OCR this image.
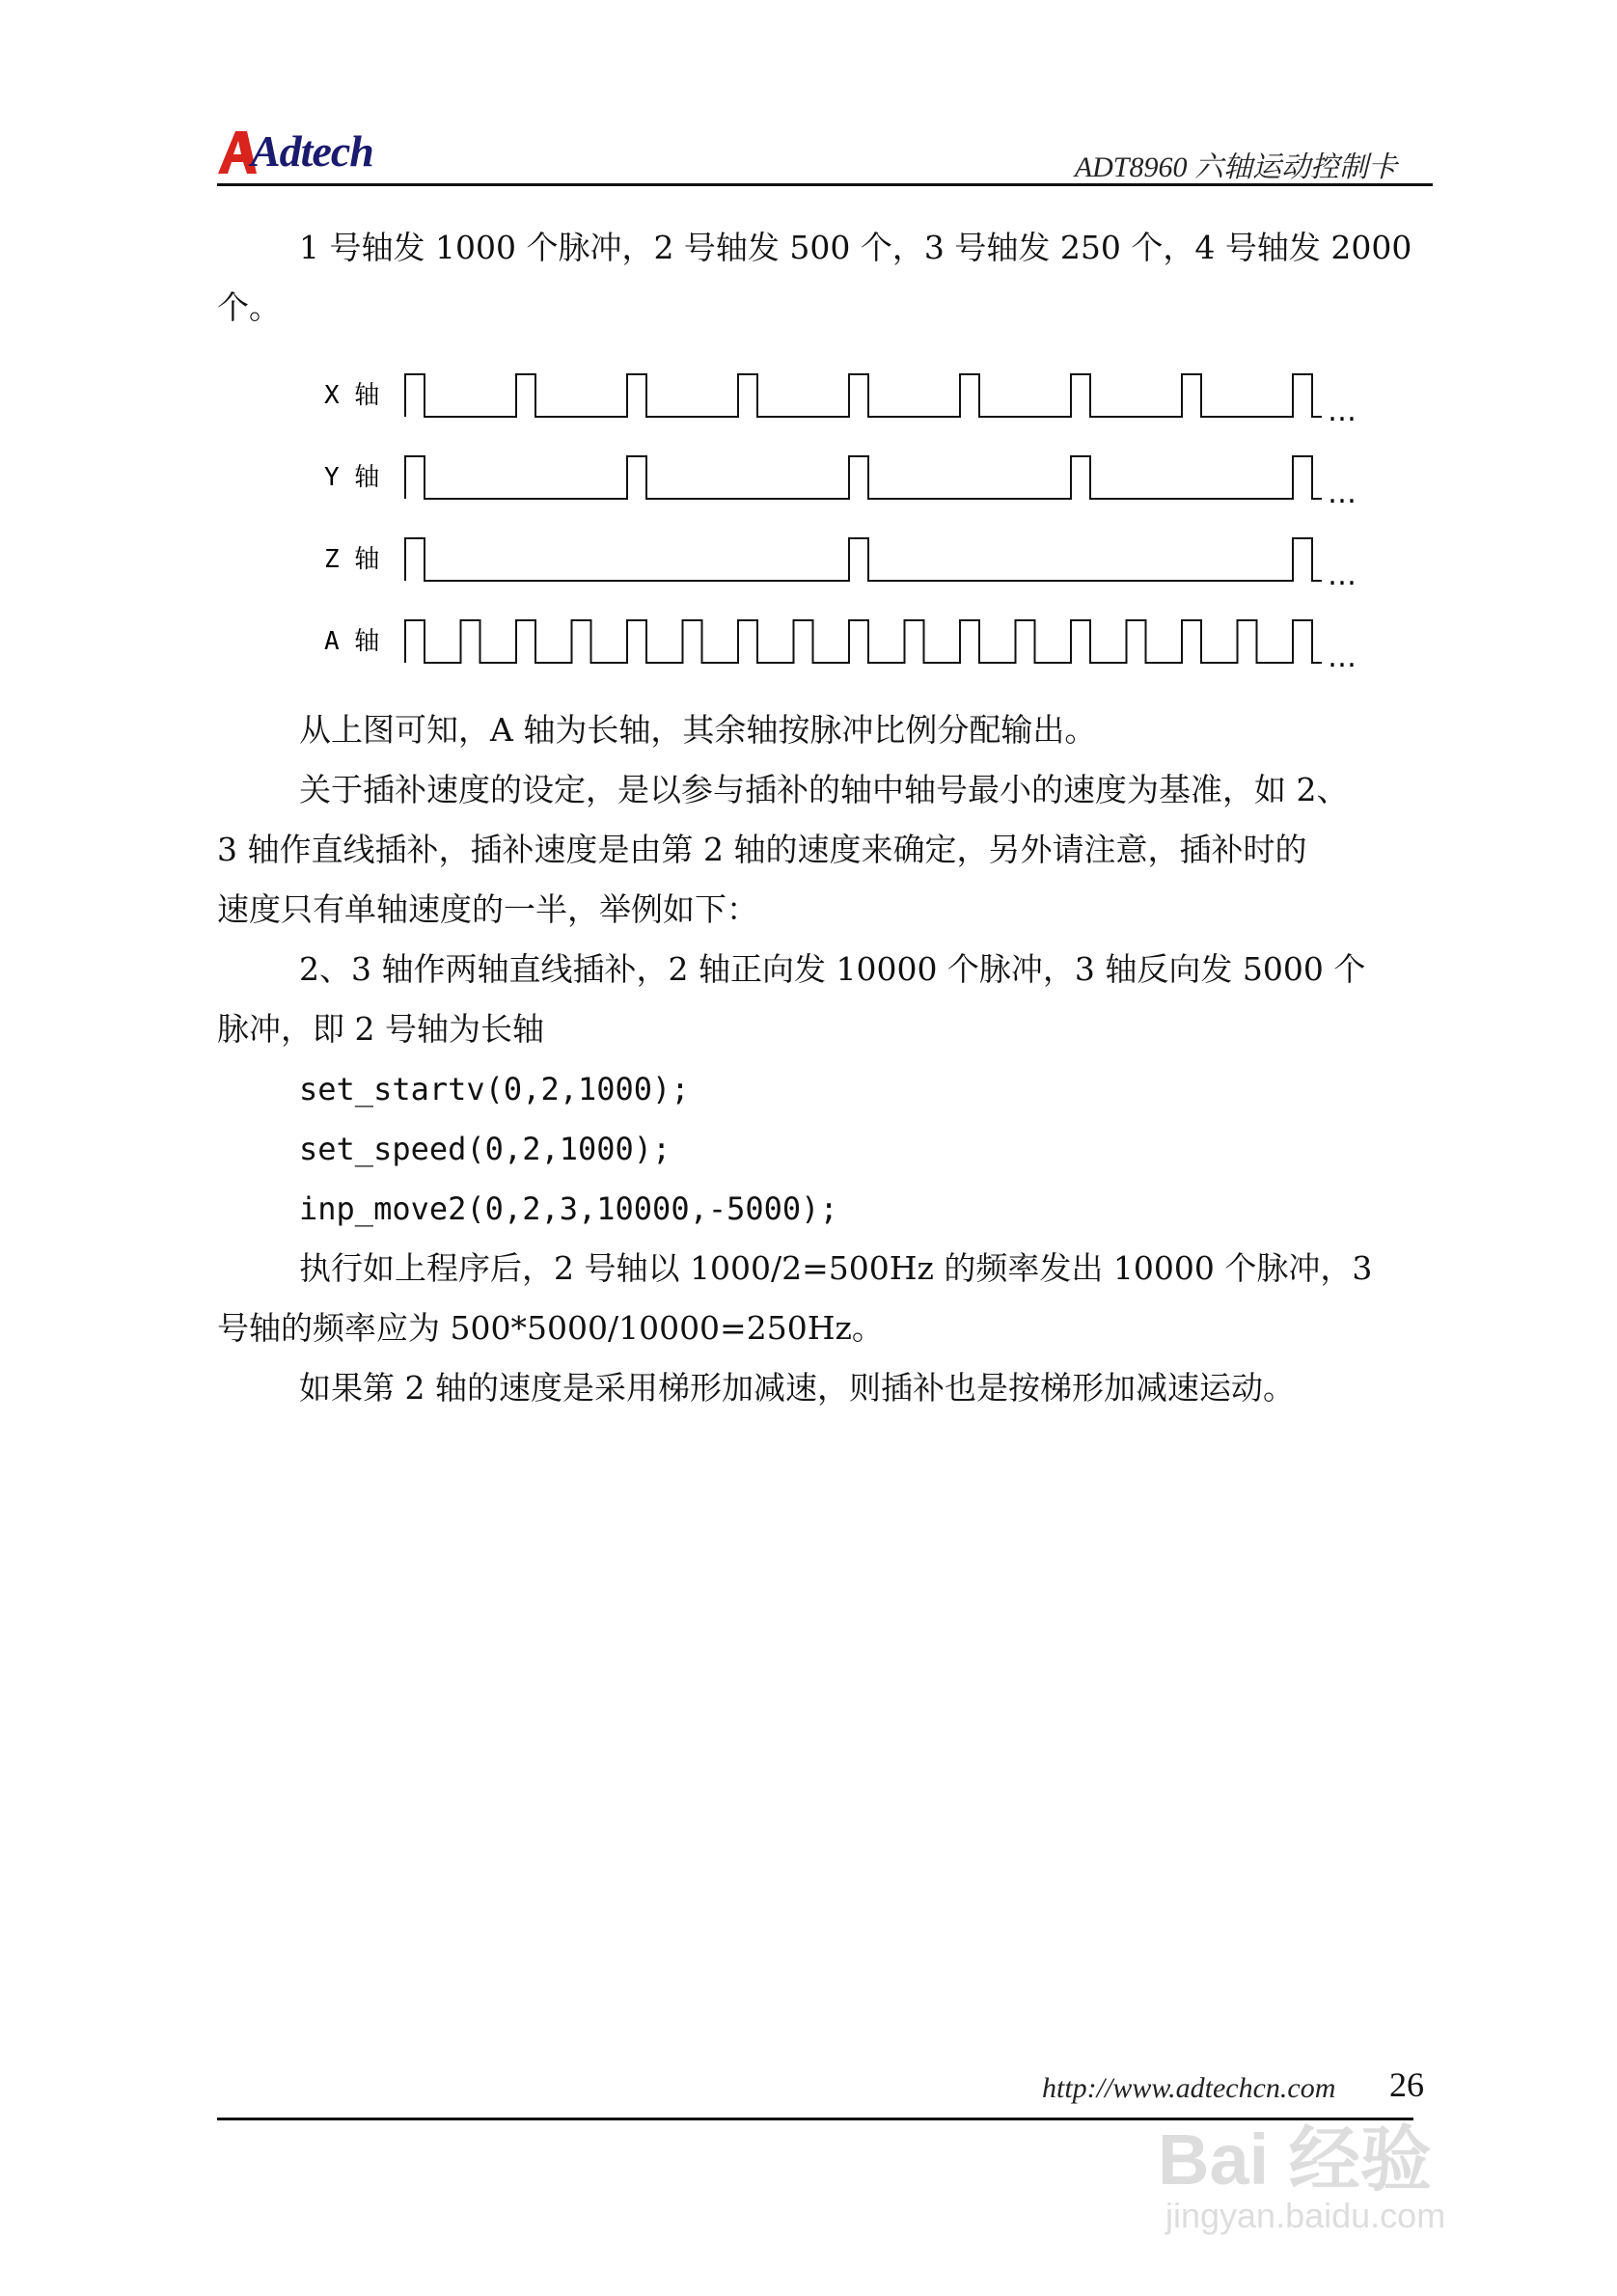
Adtech	ADT8960 六轴运动控制卡
1 号轴发 1000 个脉冲，2 号轴发 500 个，3 号轴发 250 个，4 号轴发 2000
个。
X 轴	…
Y 轴	…
Z 轴	…
A 轴	…
从上图可知，A 轴为长轴，其余轴按脉冲比例分配输出。
关于插补速度的设定，是以参与插补的轴中轴号最小的速度为基准，如 2、
3 轴作直线插补，插补速度是由第 2 轴的速度来确定，另外请注意，插补时的
速度只有单轴速度的一半，举例如下：
2、3 轴作两轴直线插补，2 轴正向发 10000 个脉冲，3 轴反向发 5000 个
脉冲，即 2 号轴为长轴
set_startv(0,2,1000);
set_speed(0,2,1000);
inp_move2(0,2,3,10000,-5000);
执行如上程序后，2 号轴以 1000/2=500Hz 的频率发出 10000 个脉冲，3
号轴的频率应为 500*5000/10000=250Hz。
如果第 2 轴的速度是采用梯形加减速，则插补也是按梯形加减速运动。
http://www.adtechcn.com 26
Bai 经验
jingyan.baidu.com
